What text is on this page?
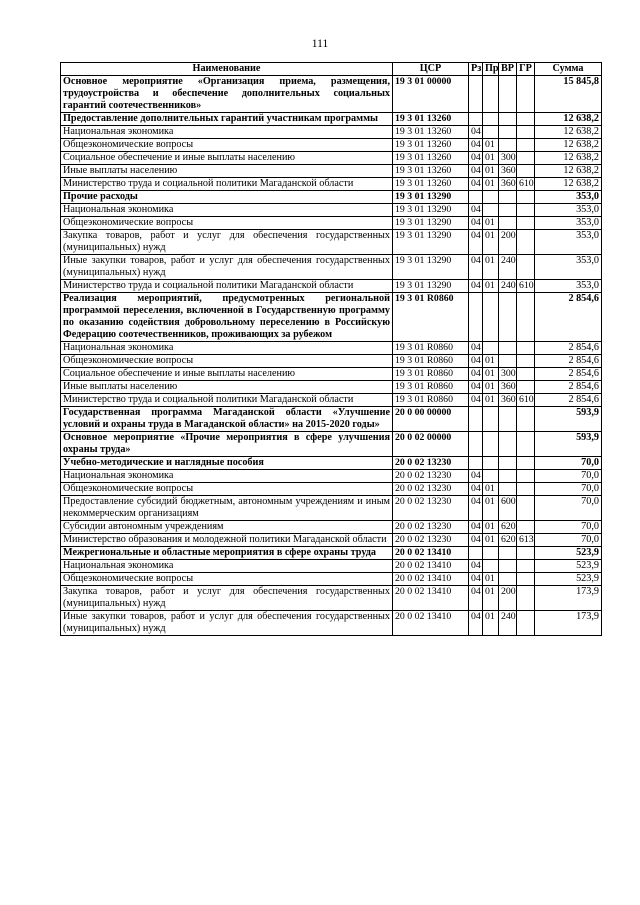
111
Наименование	ЦСР	Рз	Пр	ВР	ГР	Сумма
Основное мероприятие «Организация приема, размещения, трудоустройства и обеспечение дополнительных социальных гарантий соотечественников»	19 3 01 00000					15 845,8
Предоставление дополнительных гарантий участникам программы	19 3 01 13260					12 638,2
Национальная экономика	19 3 01 13260	04				12 638,2
Общеэкономические вопросы	19 3 01 13260	04	01			12 638,2
Социальное обеспечение и иные выплаты населению	19 3 01 13260	04	01	300		12 638,2
Иные выплаты населению	19 3 01 13260	04	01	360		12 638,2
Министерство труда и социальной политики Магаданской области	19 3 01 13260	04	01	360	610	12 638,2
Прочие расходы	19 3 01 13290					353,0
Национальная экономика	19 3 01 13290	04				353,0
Общеэкономические вопросы	19 3 01 13290	04	01			353,0
Закупка товаров, работ и услуг для обеспечения государственных (муниципальных) нужд	19 3 01 13290	04	01	200		353,0
Иные закупки товаров, работ и услуг для обеспечения государственных (муниципальных) нужд	19 3 01 13290	04	01	240		353,0
Министерство труда и социальной политики Магаданской области	19 3 01 13290	04	01	240	610	353,0
Реализация мероприятий, предусмотренных региональной программой переселения, включенной в Государственную программу по оказанию содействия добровольному переселению в Российскую Федерацию соотечественников, проживающих за рубежом	19 3 01 R0860					2 854,6
Национальная экономика	19 3 01 R0860	04				2 854,6
Общеэкономические вопросы	19 3 01 R0860	04	01			2 854,6
Социальное обеспечение и иные выплаты населению	19 3 01 R0860	04	01	300		2 854,6
Иные выплаты населению	19 3 01 R0860	04	01	360		2 854,6
Министерство труда и социальной политики Магаданской области	19 3 01 R0860	04	01	360	610	2 854,6
Государственная программа Магаданской области «Улучшение условий и охраны труда в Магаданской области» на 2015-2020 годы»	20 0 00 00000					593,9
Основное мероприятие «Прочие мероприятия в сфере улучшения охраны труда»	20 0 02 00000					593,9
Учебно-методические и наглядные пособия	20 0 02 13230					70,0
Национальная экономика	20 0 02 13230	04				70,0
Общеэкономические вопросы	20 0 02 13230	04	01			70,0
Предоставление субсидий бюджетным, автономным учреждениям и иным некоммерческим организациям	20 0 02 13230	04	01	600		70,0
Субсидии автономным учреждениям	20 0 02 13230	04	01	620		70,0
Министерство образования и молодежной политики Магаданской области	20 0 02 13230	04	01	620	613	70,0
Межрегиональные и областные мероприятия в сфере охраны труда	20 0 02 13410					523,9
Национальная экономика	20 0 02 13410	04				523,9
Общеэкономические вопросы	20 0 02 13410	04	01			523,9
Закупка товаров, работ и услуг для обеспечения государственных (муниципальных) нужд	20 0 02 13410	04	01	200		173,9
Иные закупки товаров, работ и услуг для обеспечения государственных (муниципальных) нужд	20 0 02 13410	04	01	240		173,9
